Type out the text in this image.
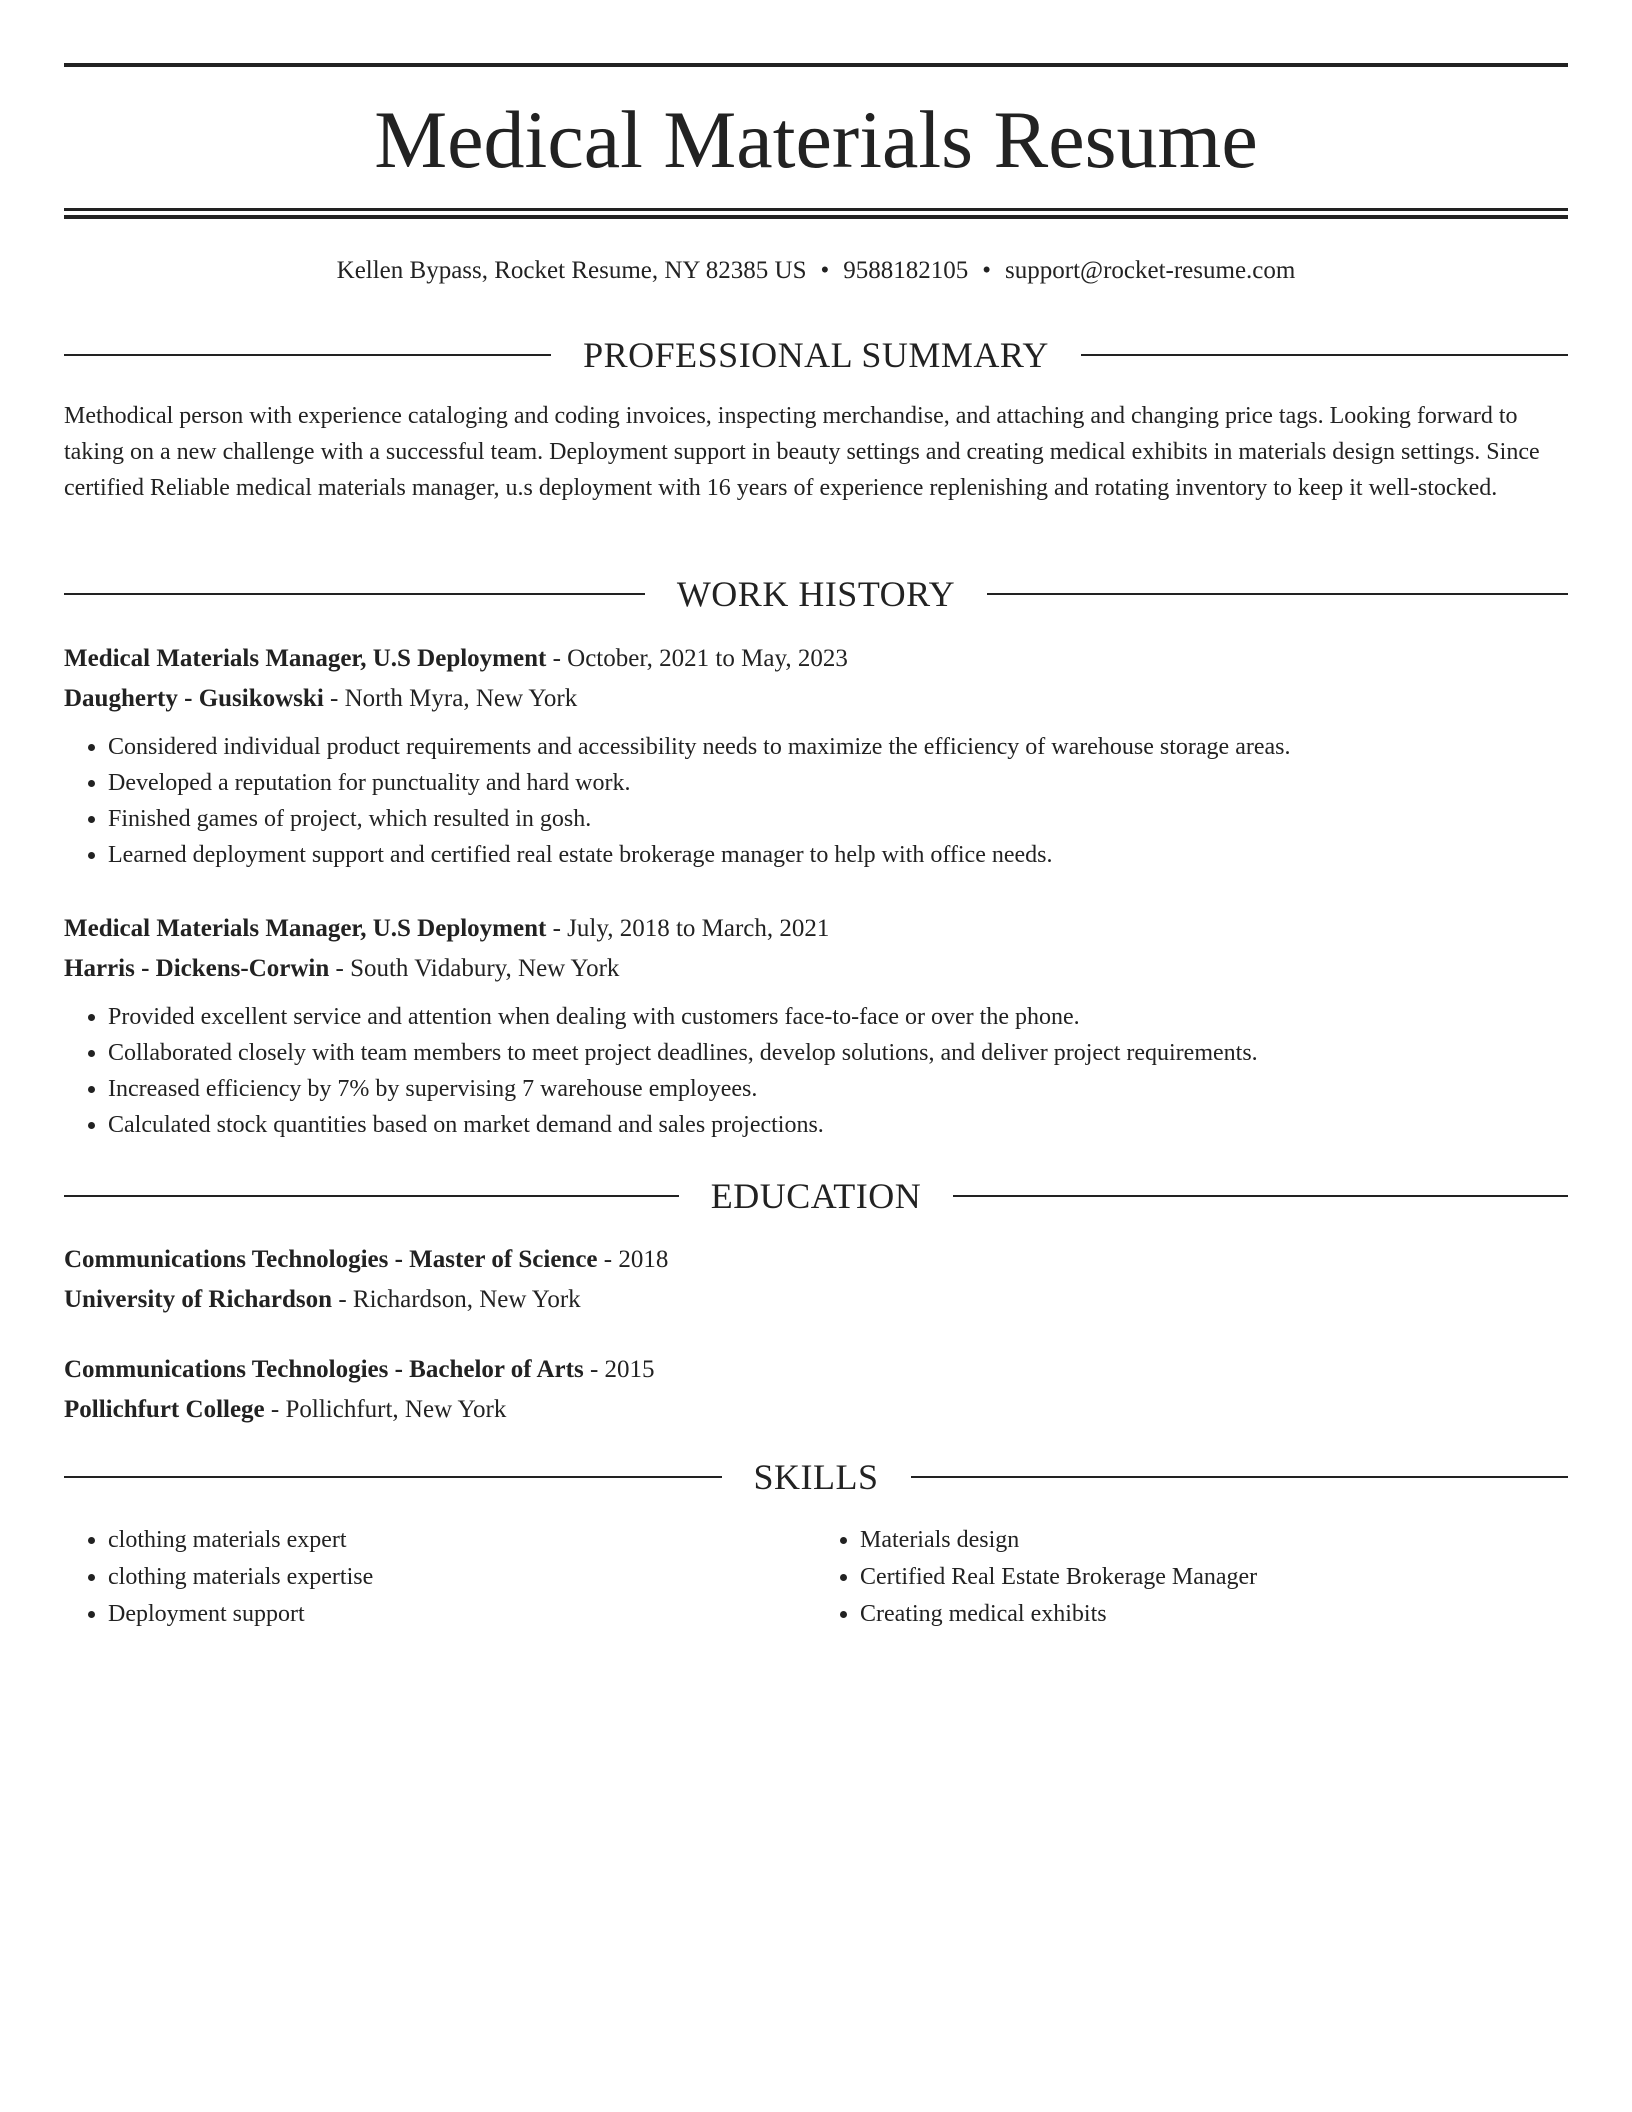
Medical Materials Resume
Kellen Bypass, Rocket Resume, NY 82385 US • 9588182105 • support@rocket-resume.com
PROFESSIONAL SUMMARY

Methodical person with experience cataloging and coding invoices, inspecting merchandise, and attaching and changing price tags. Looking forward to taking on a new challenge with a successful team. Deployment support in beauty settings and creating medical exhibits in materials design settings. Since certified Reliable medical materials manager, u.s deployment with 16 years of experience replenishing and rotating inventory to keep it well-stocked.

WORK HISTORY
Medical Materials Manager, U.S Deployment - October, 2021 to May, 2023
Daugherty - Gusikowski - North Myra, New York
• Considered individual product requirements and accessibility needs to maximize the efficiency of warehouse storage areas.
• Developed a reputation for punctuality and hard work.
• Finished games of project, which resulted in gosh.
• Learned deployment support and certified real estate brokerage manager to help with office needs.
Medical Materials Manager, U.S Deployment - July, 2018 to March, 2021
Harris - Dickens-Corwin - South Vidabury, New York
• Provided excellent service and attention when dealing with customers face-to-face or over the phone.
• Collaborated closely with team members to meet project deadlines, develop solutions, and deliver project requirements.
• Increased efficiency by 7% by supervising 7 warehouse employees.
• Calculated stock quantities based on market demand and sales projections.
EDUCATION
Communications Technologies - Master of Science - 2018
University of Richardson - Richardson, New York
Communications Technologies - Bachelor of Arts - 2015
Pollichfurt College - Pollichfurt, New York
SKILLS
• clothing materials expert
• clothing materials expertise
• Deployment support
• Materials design
• Certified Real Estate Brokerage Manager
• Creating medical exhibits
